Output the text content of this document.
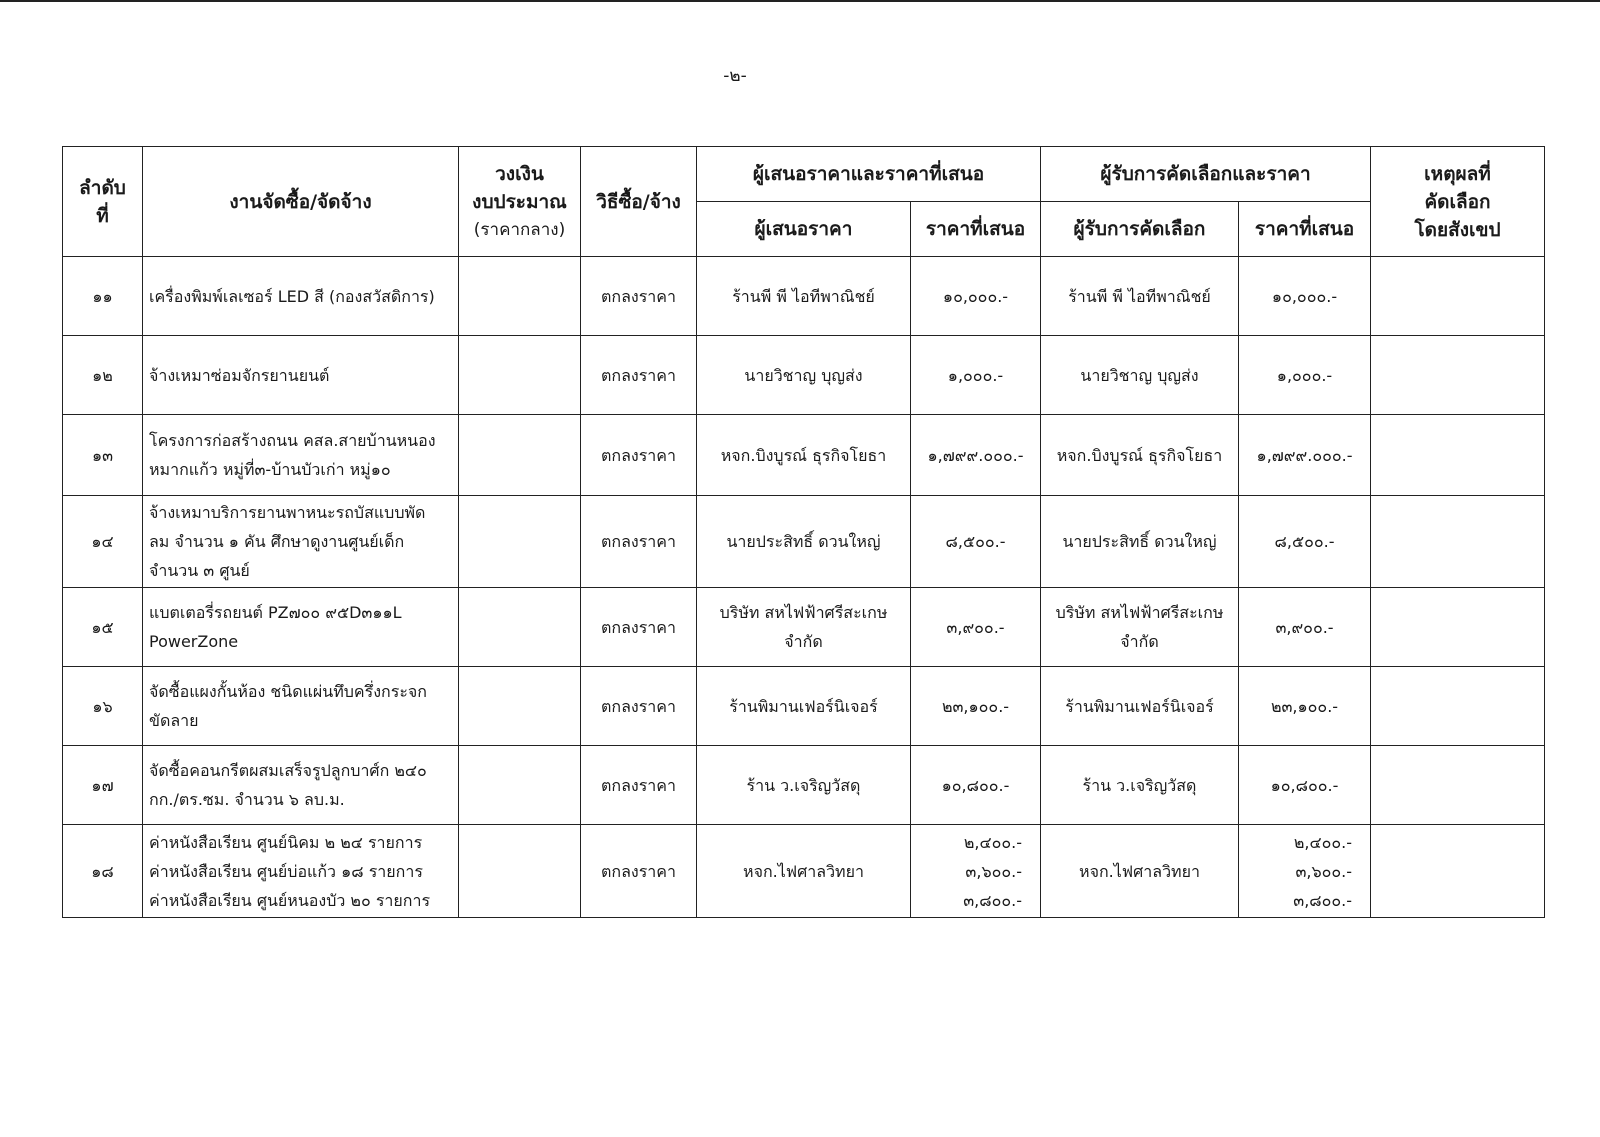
-๒-
ลำดับ
ที่	งานจัดซื้อ/จัดจ้าง	วงเงิน
งบประมาณ
(ราคากลาง)	วิธีซื้อ/จ้าง	ผู้เสนอราคาและราคาที่เสนอ		ผู้รับการคัดเลือกและราคา		เหตุผลที่
คัดเลือก
โดยสังเขป

				ผู้เสนอราคา	ราคาที่เสนอ	ผู้รับการคัดเลือก	ราคาที่เสนอ	
๑๑	เครื่องพิมพ์เลเซอร์ LED สี (กองสวัสดิการ)		ตกลงราคา	ร้านพี พี ไอทีพาณิชย์	๑๐,๐๐๐.-	ร้านพี พี ไอทีพาณิชย์	๑๐,๐๐๐.-	

๑๒	จ้างเหมาซ่อมจักรยานยนต์		ตกลงราคา	นายวิชาญ บุญส่ง	๑,๐๐๐.-	นายวิชาญ บุญส่ง	๑,๐๐๐.-	

๑๓	โครงการก่อสร้างถนน คสล.สายบ้านหนอง
หมากแก้ว หมู่ที่๓-บ้านบัวเก่า หมู่๑๐		ตกลงราคา	หจก.บิงบูรณ์ ธุรกิจโยธา	๑,๗๙๙.๐๐๐.-	หจก.บิงบูรณ์ ธุรกิจโยธา	๑,๗๙๙.๐๐๐.-	

๑๔	จ้างเหมาบริการยานพาหนะรถบัสแบบพัด
ลม จำนวน ๑ คัน ศึกษาดูงานศูนย์เด็ก
จำนวน ๓ ศูนย์		ตกลงราคา	นายประสิทธิ์ ดวนใหญ่	๘,๕๐๐.-	นายประสิทธิ์ ดวนใหญ่	๘,๕๐๐.-	

๑๕	แบตเตอรี่รถยนต์ PZ๗๐๐ ๙๕D๓๑๑L
PowerZone		ตกลงราคา	บริษัท สหไฟฟ้าศรีสะเกษ
จำกัด	๓,๙๐๐.-	บริษัท สหไฟฟ้าศรีสะเกษ
จำกัด	๓,๙๐๐.-	

๑๖	จัดซื้อแผงกั้นห้อง ชนิดแผ่นทึบครึ่งกระจก
ขัดลาย		ตกลงราคา	ร้านพิมานเฟอร์นิเจอร์	๒๓,๑๐๐.-	ร้านพิมานเฟอร์นิเจอร์	๒๓,๑๐๐.-	

๑๗	จัดซื้อคอนกรีตผสมเสร็จรูปลูกบาศ์ก ๒๔๐
กก./ตร.ซม. จำนวน ๖ ลบ.ม.		ตกลงราคา	ร้าน ว.เจริญวัสดุ	๑๐,๘๐๐.-	ร้าน ว.เจริญวัสดุ	๑๐,๘๐๐.-	

๑๘	ค่าหนังสือเรียน ศูนย์นิคม ๒ ๒๔ รายการ
ค่าหนังสือเรียน ศูนย์บ่อแก้ว ๑๘ รายการ
ค่าหนังสือเรียน ศูนย์หนองบัว ๒๐ รายการ		ตกลงราคา	หจก.ไฟศาลวิทยา	๒,๔๐๐.-
๓,๖๐๐.-
๓,๘๐๐.-	หจก.ไฟศาลวิทยา	๒,๔๐๐.-
๓,๖๐๐.-
๓,๘๐๐.-	
